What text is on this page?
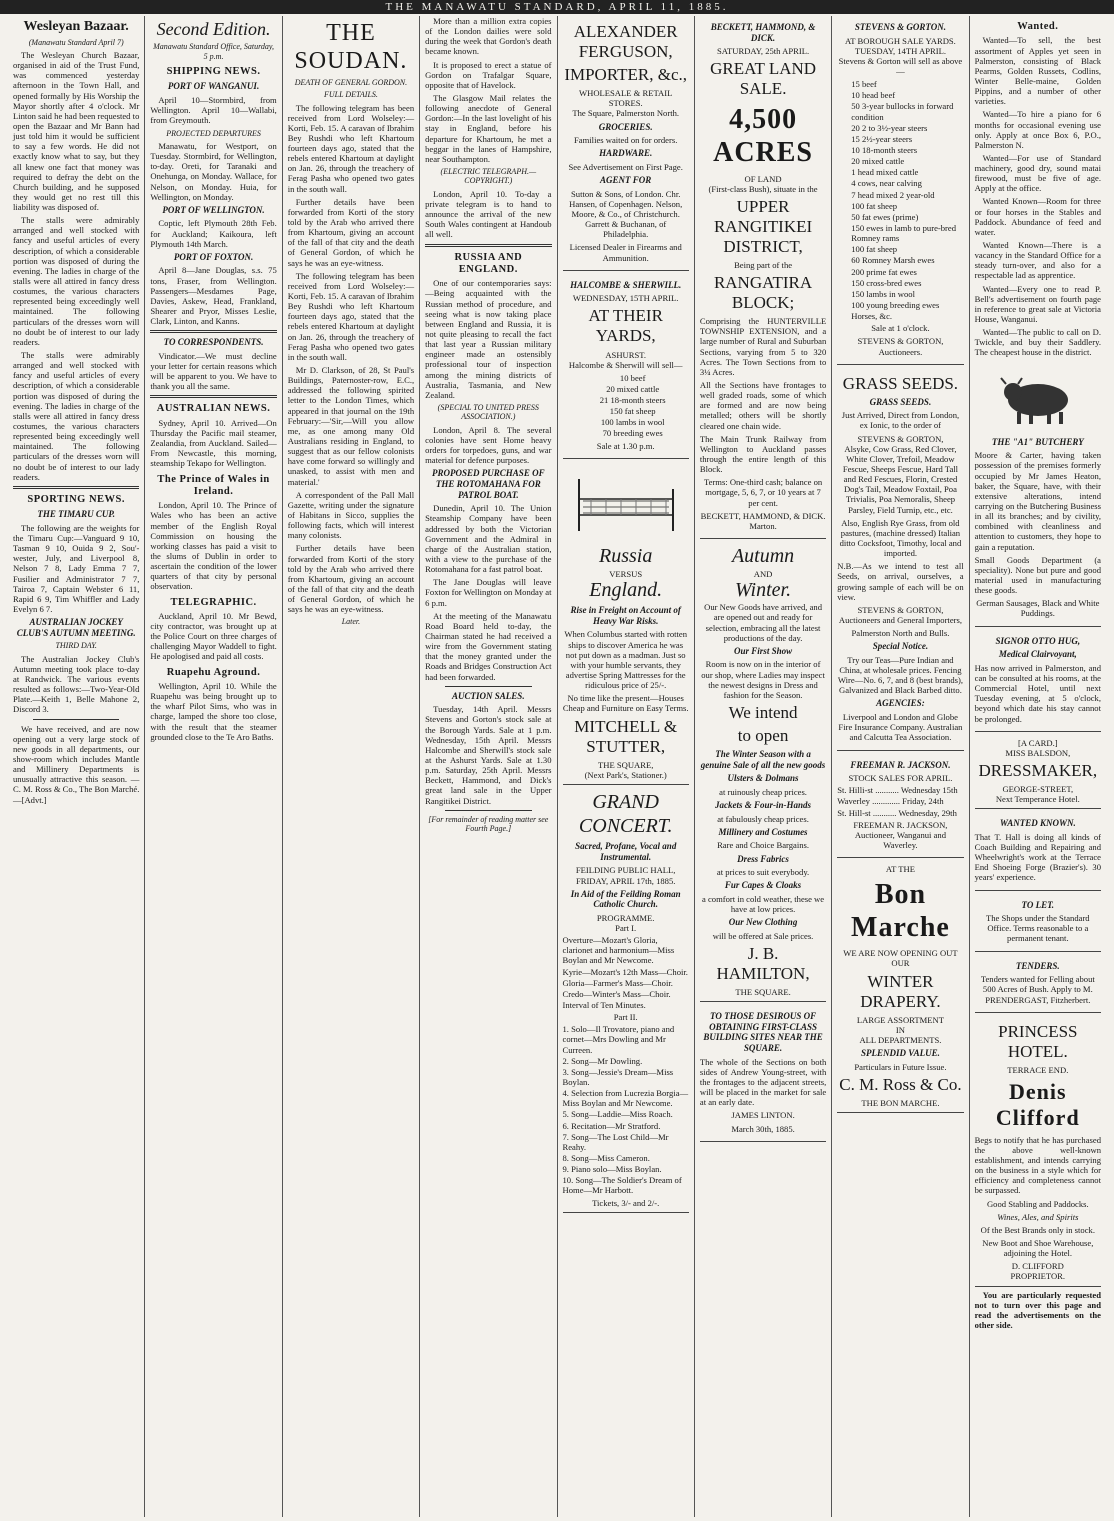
THE MANAWATU STANDARD, APRIL 11, 1885.
Wesleyan Bazaar.
(Manawatu Standard April 7)

The Wesleyan Church Bazaar, organised in aid of the Trust Fund, was commenced yesterday afternoon in the Town Hall, and opened formally by His Worship the Mayor shortly after 4 o'clock. Mr Linton said he had been requested to open the Bazaar and Mr Bann had just told him it would be sufficient to say a few words. He did not exactly know what to say, but they all knew one fact that money was required to defray the debt on the Church building, and he supposed they would get no rest till this liability was disposed of.

The stalls were admirably arranged and well stocked with fancy and useful articles of every description, of which a considerable portion was disposed of during the evening. The ladies in charge of the stalls were all attired in fancy dress costumes, the various characters represented being exceedingly well maintained. The following particulars of the dresses worn will no doubt be of interest to our lady readers.

The stalls were admirably arranged and well stocked with fancy and useful articles of every description, of which a considerable portion was disposed of during the evening. The ladies in charge of the stalls were all attired in fancy dress costumes, the various characters represented being exceedingly well maintained. The following particulars of the dresses worn will no doubt be of interest to our lady readers.

SPORTING NEWS.
THE TIMARU CUP.

The following are the weights for the Timaru Cup:—Vanguard 9 10, Tasman 9 10, Ouida 9 2, Sou'-wester, July, and Liverpool 8, Nelson 7 8, Lady Emma 7 7, Fusilier and Administrator 7 7, Tairoa 7, Captain Webster 6 11, Rapid 6 9, Tim Whiffler and Lady Evelyn 6 7.

AUSTRALIAN JOCKEY CLUB'S AUTUMN MEETING.
THIRD DAY.

The Australian Jockey Club's Autumn meeting took place to-day at Randwick. The various events resulted as follows:—Two-Year-Old Plate.—Keith 1, Belle Mahone 2, Discord 3.

We have received, and are now opening out a very large stock of new goods in all departments, our show-room which includes Mantle and Millinery Departments is unusually attractive this season. — C. M. Ross & Co., The Bon Marché.—[Advt.]

Second Edition.
Manawatu Standard Office, Saturday, 5 p.m.
SHIPPING NEWS.
PORT OF WANGANUI.

April 10—Stormbird, from Wellington. April 10—Wallabi, from Greymouth.

PROJECTED DEPARTURES

Manawatu, for Westport, on Tuesday. Stormbird, for Wellington, to-day. Oreti, for Taranaki and Onehunga, on Monday. Wallace, for Nelson, on Monday. Huia, for Wellington, on Monday.

PORT OF WELLINGTON.

Coptic, left Plymouth 28th Feb. for Auckland; Kaikoura, left Plymouth 14th March.

PORT OF FOXTON.

April 8—Jane Douglas, s.s. 75 tons, Fraser, from Wellington. Passengers—Mesdames Page, Davies, Askew, Head, Frankland, Shearer and Pryor, Misses Leslie, Clark, Linton, and Kanns.

TO CORRESPONDENTS.

Vindicator.—We must decline your letter for certain reasons which will be apparent to you. We have to thank you all the same.

AUSTRALIAN NEWS.

Sydney, April 10. Arrived—On Thursday the Pacific mail steamer, Zealandia, from Auckland. Sailed—From Newcastle, this morning, steamship Tekapo for Wellington.

The Prince of Wales in Ireland.

London, April 10. The Prince of Wales who has been an active member of the English Royal Commission on housing the working classes has paid a visit to the slums of Dublin in order to ascertain the condition of the lower quarters of that city by personal observation.

TELEGRAPHIC.

Auckland, April 10. Mr Bewd, city contractor, was brought up at the Police Court on three charges of challenging Mayor Waddell to fight. He apologised and paid all costs.

Ruapehu Aground.

Wellington, April 10. While the Ruapehu was being brought up to the wharf Pilot Sims, who was in charge, lamped the shore too close, with the result that the steamer grounded close to the Te Aro Baths.

THE SOUDAN.
DEATH OF GENERAL GORDON.
FULL DETAILS.

The following telegram has been received from Lord Wolseley:—Korti, Feb. 15. A caravan of Ibrahim Bey Rushdi who left Khartoum fourteen days ago, stated that the rebels entered Khartoum at daylight on Jan. 26, through the treachery of Ferag Pasha who opened two gates in the south wall.

Further details have been forwarded from Korti of the story told by the Arab who arrived there from Khartoum, giving an account of the fall of that city and the death of General Gordon, of which he says he was an eye-witness.

The following telegram has been received from Lord Wolseley:—Korti, Feb. 15. A caravan of Ibrahim Bey Rushdi who left Khartoum fourteen days ago, stated that the rebels entered Khartoum at daylight on Jan. 26, through the treachery of Ferag Pasha who opened two gates in the south wall.

Mr D. Clarkson, of 28, St Paul's Buildings, Paternoster-row, E.C., addressed the following spirited letter to the London Times, which appeared in that journal on the 19th February:—'Sir,—Will you allow me, as one among many Old Australians residing in England, to suggest that as our fellow colonists have come forward so willingly and unasked, to assist with men and material.'

A correspondent of the Pall Mall Gazette, writing under the signature of Habitans in Sicco, supplies the following facts, which will interest many colonists.

Further details have been forwarded from Korti of the story told by the Arab who arrived there from Khartoum, giving an account of the fall of that city and the death of General Gordon, of which he says he was an eye-witness.

Later.

More than a million extra copies of the London dailies were sold during the week that Gordon's death became known.

It is proposed to erect a statue of Gordon on Trafalgar Square, opposite that of Havelock.

The Glasgow Mail relates the following anecdote of General Gordon:—In the last lovelight of his stay in England, before his departure for Khartoum, he met a beggar in the lanes of Hampshire, near Southampton.

(ELECTRIC TELEGRAPH.—COPYRIGHT.)

London, April 10. To-day a private telegram is to hand to announce the arrival of the new South Wales contingent at Handoub all well.

RUSSIA AND ENGLAND.

One of our contemporaries says:—Being acquainted with the Russian method of procedure, and seeing what is now taking place between England and Russia, it is not quite pleasing to recall the fact that last year a Russian military engineer made an ostensibly professional tour of inspection among the mining districts of Australia, Tasmania, and New Zealand.

(SPECIAL TO UNITED PRESS ASSOCIATION.)

London, April 8. The several colonies have sent Home heavy orders for torpedoes, guns, and war material for defence purposes.

PROPOSED PURCHASE OF THE ROTOMAHANA FOR PATROL BOAT.

Dunedin, April 10. The Union Steamship Company have been addressed by both the Victorian Government and the Admiral in charge of the Australian station, with a view to the purchase of the Rotomahana for a fast patrol boat.

The Jane Douglas will leave Foxton for Wellington on Monday at 6 p.m.

At the meeting of the Manawatu Road Board held to-day, the Chairman stated he had received a wire from the Government stating that the money granted under the Roads and Bridges Construction Act had been forwarded.

AUCTION SALES.

Tuesday, 14th April. Messrs Stevens and Gorton's stock sale at the Borough Yards. Sale at 1 p.m. Wednesday, 15th April. Messrs Halcombe and Sherwill's stock sale at the Ashurst Yards. Sale at 1.30 p.m. Saturday, 25th April. Messrs Beckett, Hammond, and Dick's great land sale in the Upper Rangitikei District.

[For remainder of reading matter see Fourth Page.]
ALEXANDER FERGUSON,
IMPORTER, &c.,
WHOLESALE & RETAIL STORES.

The Square, Palmerston North.

GROCERIES.

Families waited on for orders.

HARDWARE.

See Advertisement on First Page.

AGENT FOR

Sutton & Sons, of London. Chr. Hansen, of Copenhagen. Nelson, Moore, & Co., of Christchurch. Garrett & Buchanan, of Philadelphia.

Licensed Dealer in Firearms and Ammunition.

HALCOMBE & SHERWILL.
WEDNESDAY, 15TH APRIL.
AT THEIR YARDS,
ASHURST.

Halcombe & Sherwill will sell—

10 beef
20 mixed cattle
21 18-month steers
150 fat sheep
100 lambs in wool
70 breeding ewes

Sale at 1.30 p.m.

Russia
VERSUS
England.
Rise in Freight on Account of Heavy War Risks.

When Columbus started with rotten ships to discover America he was not put down as a madman. Just so with your humble servants, they advertise Spring Mattresses for the ridiculous price of 25/-.

No time like the present—Houses Cheap and Furniture on Easy Terms.

MITCHELL & STUTTER,
THE SQUARE,
(Next Park's, Stationer.)
GRAND CONCERT.
Sacred, Profane, Vocal and Instrumental.
FEILDING PUBLIC HALL, FRIDAY, APRIL 17th, 1885.
In Aid of the Feilding Roman Catholic Church.
PROGRAMME.
Part I.
Overture—Mozart's Gloria, clarionet and harmonium—Miss Boylan and Mr Newcome.
Kyrie—Mozart's 12th Mass—Choir.
Gloria—Farmer's Mass—Choir.
Credo—Winter's Mass—Choir.
Interval of Ten Minutes.
Part II.
1. Solo—Il Trovatore, piano and cornet—Mrs Dowling and Mr Curreen.
2. Song—Mr Dowling.
3. Song—Jessie's Dream—Miss Boylan.
4. Selection from Lucrezia Borgia—Miss Boylan and Mr Newcome.
5. Song—Laddie—Miss Roach.
6. Recitation—Mr Stratford.
7. Song—The Lost Child—Mr Reahy.
8. Song—Miss Cameron.
9. Piano solo—Miss Boylan.
10. Song—The Soldier's Dream of Home—Mr Harbott.
Tickets, 3/- and 2/-.
BECKETT, HAMMOND, & DICK.
SATURDAY, 25th APRIL.
GREAT LAND SALE.
4,500 ACRES
OF LAND

(First-class Bush), situate in the

UPPER RANGITIKEI DISTRICT,

Being part of the

RANGATIRA BLOCK;

Comprising the HUNTERVILLE TOWNSHIP EXTENSION, and a large number of Rural and Suburban Sections, varying from 5 to 320 Acres. The Town Sections from to 3¼ Acres.

All the Sections have frontages to well graded roads, some of which are formed and are now being metalled; others will be shortly cleared one chain wide.

The Main Trunk Railway from Wellington to Auckland passes through the entire length of this Block.

Terms: One-third cash; balance on mortgage, 5, 6, 7, or 10 years at 7 per cent.

BECKETT, HAMMOND, & DICK. Marton.

Autumn
AND
Winter.

Our New Goods have arrived, and are opened out and ready for selection, embracing all the latest productions of the day.

Our First Show

Room is now on in the interior of our shop, where Ladies may inspect the newest designs in Dress and fashion for the Season.

We intend
to open
The Winter Season with a genuine Sale of all the new goods
Ulsters & Dolmans

at ruinously cheap prices.

Jackets & Four-in-Hands

at fabulously cheap prices.

Millinery and Costumes

Rare and Choice Bargains.

Dress Fabrics

at prices to suit everybody.

Fur Capes & Cloaks

a comfort in cold weather, these we have at low prices.

Our New Clothing

will be offered at Sale prices.

J. B. HAMILTON,
THE SQUARE.
TO THOSE DESIROUS OF OBTAINING FIRST-CLASS BUILDING SITES NEAR THE SQUARE.

The whole of the Sections on both sides of Andrew Young-street, with the frontages to the adjacent streets, will be placed in the market for sale at an early date.

JAMES LINTON.

March 30th, 1885.

STEVENS & GORTON.
AT BOROUGH SALE YARDS.
TUESDAY, 14TH APRIL.

Stevens & Gorton will sell as above—

15 beef
10 head beef
50 3-year bullocks in forward condition
20 2 to 3½-year steers
15 2½-year steers
10 18-month steers
20 mixed cattle
1 head mixed cattle
4 cows, near calving
7 head mixed 2 year-old
100 fat sheep
50 fat ewes (prime)
150 ewes in lamb to pure-bred Romney rams
100 fat sheep
60 Romney Marsh ewes
200 prime fat ewes
150 cross-bred ewes
150 lambs in wool
100 young breeding ewes
Horses, &c.

Sale at 1 o'clock.

STEVENS & GORTON, Auctioneers.

GRASS SEEDS.
GRASS SEEDS.

Just Arrived, Direct from London, ex Ionic, to the order of

STEVENS & GORTON,

Alsyke, Cow Grass, Red Clover, White Clover, Trefoil, Meadow Fescue, Sheeps Fescue, Hard Tall and Red Fescues, Florin, Crested Dog's Tail, Meadow Foxtail, Poa Trivialis, Poa Nemoralis, Sheep Parsley, Field Turnip, etc., etc.

Also, English Rye Grass, from old pastures, (machine dressed) Italian ditto Cocksfoot, Timothy, local and imported.

N.B.—As we intend to test all Seeds, on arrival, ourselves, a growing sample of each will be on view.

STEVENS & GORTON,

Auctioneers and General Importers,

Palmerston North and Bulls.

Special Notice.

Try our Teas—Pure Indian and China, at wholesale prices. Fencing Wire—No. 6, 7, and 8 (best brands), Galvanized and Black Barbed ditto.

AGENCIES:

Liverpool and London and Globe Fire Insurance Company. Australian and Calcutta Tea Association.

FREEMAN R. JACKSON.
STOCK SALES FOR APRIL.
St. Hilli-st ........... Wednesday 15th
Waverley ............. Friday, 24th
St. Hill-st ........... Wednesday, 29th

FREEMAN R. JACKSON, Auctioneer, Wanganui and Waverley.

AT THE
Bon Marche
WE ARE NOW OPENING OUT OUR
WINTER DRAPERY.
LARGE ASSORTMENT
IN
ALL DEPARTMENTS.
SPLENDID VALUE.

Particulars in Future Issue.

C. M. Ross & Co.
THE BON MARCHE.
Wanted.

Wanted—To sell, the best assortment of Apples yet seen in Palmerston, consisting of Black Pearms, Golden Russets, Codlins, Winter Belle-maine, Golden Pippins, and a number of other varieties.

Wanted—To hire a piano for 6 months for occasional evening use only. Apply at once Box 6, P.O., Palmerston N.

Wanted—For use of Standard machinery, good dry, sound matai firewood, must be five of age. Apply at the office.

Wanted Known—Room for three or four horses in the Stables and Paddock. Abundance of feed and water.

Wanted Known—There is a vacancy in the Standard Office for a steady turn-over, and also for a respectable lad as apprentice.

Wanted—Every one to read P. Bell's advertisement on fourth page in reference to great sale at Victoria House, Wanganui.

Wanted—The public to call on D. Twickle, and buy their Saddlery. The cheapest house in the district.

THE "A1" BUTCHERY

Moore & Carter, having taken possession of the premises formerly occupied by Mr James Heaton, baker, the Square, have, with their extensive alterations, intend carrying on the Butchering Business in all its branches; and by civility, combined with cleanliness and attention to customers, they hope to gain a reputation.

Small Goods Department (a speciality). None but pure and good material used in manufacturing these goods.

German Sausages, Black and White Puddings.

SIGNOR OTTO HUG,
Medical Clairvoyant,

Has now arrived in Palmerston, and can be consulted at his rooms, at the Commercial Hotel, until next Tuesday evening, at 5 o'clock, beyond which date his stay cannot be prolonged.

[A CARD.]
MISS BALSDON,
DRESSMAKER,
GEORGE-STREET,
Next Temperance Hotel.
WANTED KNOWN.

That T. Hall is doing all kinds of Coach Building and Repairing and Wheelwright's work at the Terrace End Shoeing Forge (Brazier's). 30 years' experience.

TO LET.

The Shops under the Standard Office. Terms reasonable to a permanent tenant.

TENDERS.

Tenders wanted for Felling about 500 Acres of Bush. Apply to M. PRENDERGAST, Fitzherbert.

PRINCESS HOTEL.
TERRACE END.
Denis Clifford

Begs to notify that he has purchased the above well-known establishment, and intends carrying on the business in a style which for efficiency and completeness cannot be surpassed.

Good Stabling and Paddocks.

Wines, Ales, and Spirits

Of the Best Brands only in stock.

New Boot and Shoe Warehouse, adjoining the Hotel.

D. CLIFFORD
PROPRIETOR.

You are particularly requested not to turn over this page and read the advertisements on the other side.
